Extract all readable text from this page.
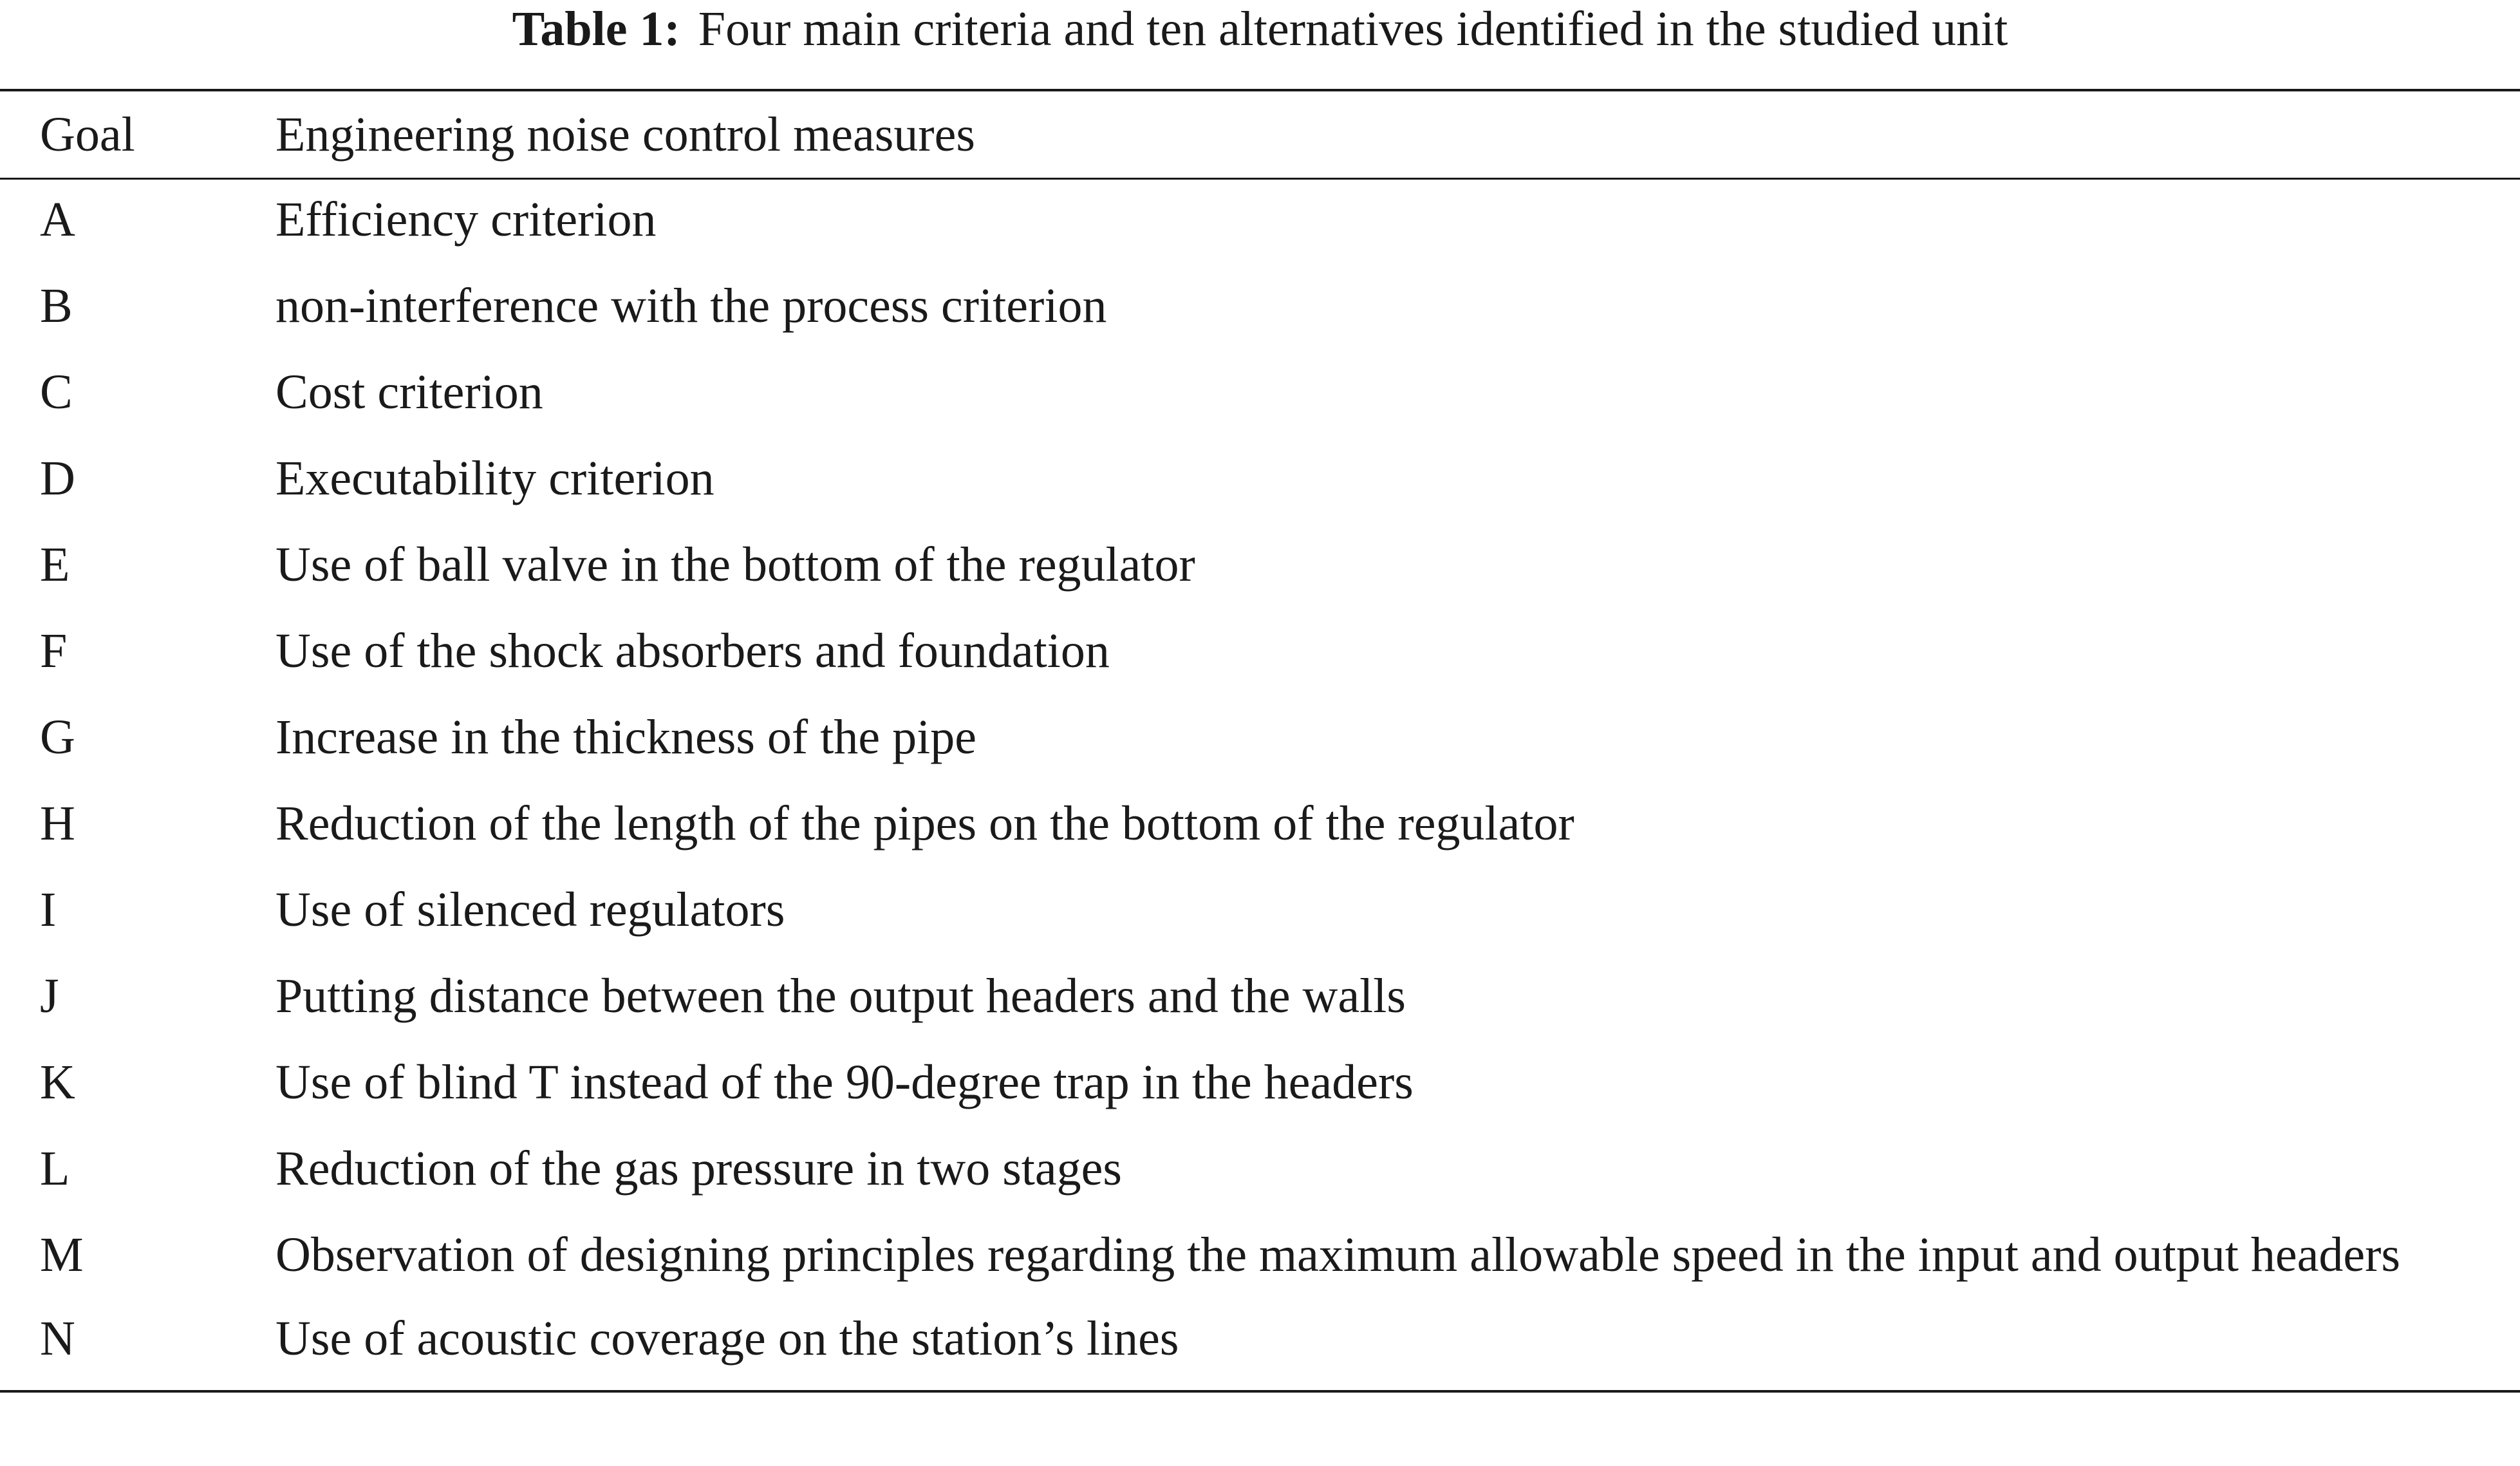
Table 1: Four main criteria and ten alternatives identified in the studied unit
Goal	Engineering noise control measures
A	Efficiency criterion
B	non-interference with the process criterion
C	Cost criterion
D	Executability criterion
E	Use of ball valve in the bottom of the regulator
F	Use of the shock absorbers and foundation
G	Increase in the thickness of the pipe
H	Reduction of the length of the pipes on the bottom of the regulator
I	Use of silenced regulators
J	Putting distance between the output headers and the walls
K	Use of blind T instead of the 90-degree trap in the headers
L	Reduction of the gas pressure in two stages
M	Observation of designing principles regarding the maximum allowable speed in the input and output headers
N	Use of acoustic coverage on the station’s lines
